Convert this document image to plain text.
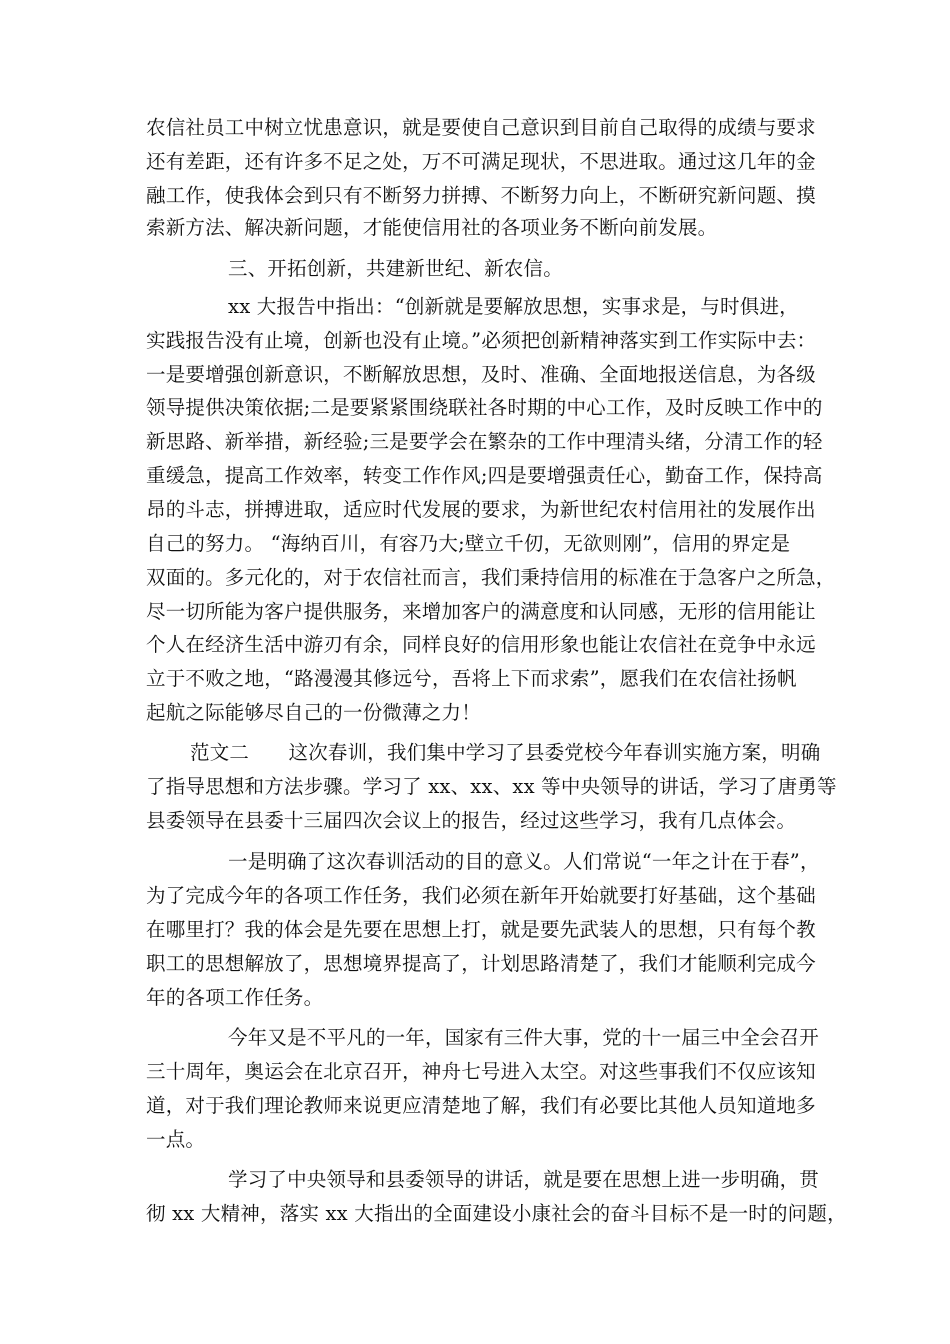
农信社员工中树立忧患意识，就是要使自己意识到目前自己取得的成绩与要求
还有差距，还有许多不足之处，万不可满足现状，不思进取。通过这几年的金
融工作，使我体会到只有不断努力拼搏、不断努力向上，不断研究新问题、摸
索新方法、解决新问题，才能使信用社的各项业务不断向前发展。
三、开拓创新，共建新世纪、新农信。
xx 大报告中指出：“创新就是要解放思想，实事求是，与时俱进，
实践报告没有止境，创新也没有止境。”必须把创新精神落实到工作实际中去：
一是要增强创新意识，不断解放思想，及时、准确、全面地报送信息，为各级
领导提供决策依据;二是要紧紧围绕联社各时期的中心工作，及时反映工作中的
新思路、新举措，新经验;三是要学会在繁杂的工作中理清头绪，分清工作的轻
重缓急，提高工作效率，转变工作作风;四是要增强责任心，勤奋工作，保持高
昂的斗志，拼搏进取，适应时代发展的要求，为新世纪农村信用社的发展作出
自己的努力。 “海纳百川，有容乃大;壁立千仞，无欲则刚”，信用的界定是
双面的。多元化的，对于农信社而言，我们秉持信用的标准在于急客户之所急，
尽一切所能为客户提供服务，来增加客户的满意度和认同感，无形的信用能让
个人在经济生活中游刃有余，同样良好的信用形象也能让农信社在竞争中永远
立于不败之地，“路漫漫其修远兮，吾将上下而求索”，愿我们在农信社扬帆
起航之际能够尽自己的一份微薄之力！
范文二　　这次春训，我们集中学习了县委党校今年春训实施方案，明确
了指导思想和方法步骤。学习了 xx、xx、xx 等中央领导的讲话，学习了唐勇等
县委领导在县委十三届四次会议上的报告，经过这些学习，我有几点体会。
一是明确了这次春训活动的目的意义。人们常说“一年之计在于春”，
为了完成今年的各项工作任务，我们必须在新年开始就要打好基础，这个基础
在哪里打？我的体会是先要在思想上打，就是要先武装人的思想，只有每个教
职工的思想解放了，思想境界提高了，计划思路清楚了，我们才能顺利完成今
年的各项工作任务。
今年又是不平凡的一年，国家有三件大事，党的十一届三中全会召开
三十周年，奥运会在北京召开，神舟七号进入太空。对这些事我们不仅应该知
道，对于我们理论教师来说更应清楚地了解，我们有必要比其他人员知道地多
一点。
学习了中央领导和县委领导的讲话，就是要在思想上进一步明确，贯
彻 xx 大精神，落实 xx 大指出的全面建设小康社会的奋斗目标不是一时的问题，
